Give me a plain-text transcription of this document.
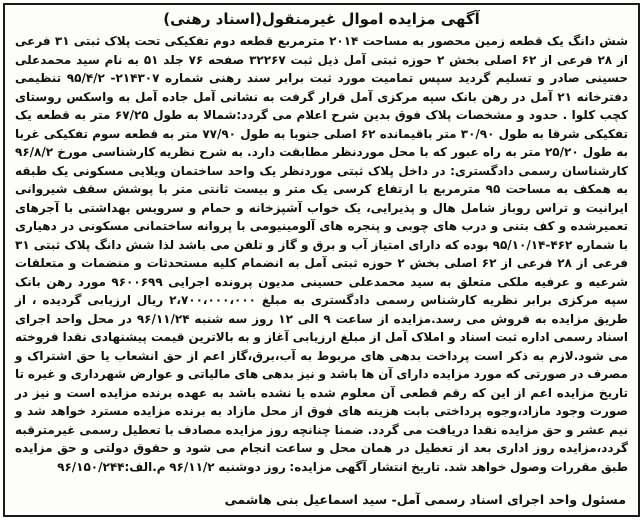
آگهی مزایده اموال غیرمنقول(اسناد رهنی)
شش دانگ یک قطعه زمین محصور به مساحت ۲۰۱۴ مترمربع قطعه دوم تفکیکی تحت پلاک ثبتی ۳۱ فرعی از ۲۸ فرعی از ۶۲ اصلی بخش ۲ حوزه ثبتی آمل ذیل ثبت ۳۲۲۶۷ صفحه ۷۶ جلد ۵۱ به نام سید محمدعلی حسینی صادر و تسلیم گردید سپس تمامیت مورد ثبت برابر سند رهنی شماره ۲۱۴۳۰۷- ۹۵/۴/۲ تنظیمی دفترخانه ۲۱ آمل در رهن بانک سپه مرکزی آمل قرار گرفت به نشانی آمل جاده آمل به واسکس روستای کچب کلوا . حدود و مشخصات پلاک فوق بدین شرح اعلام می گردد:شمالا به طول ۶۷/۲۵ متر به قطعه یک تفکیکی شرقا به طول ۳۰/۹۰ متر باقیمانده ۶۲ اصلی جنوبا به طول ۷۷/۹۰ متر به قطعه سوم تفکیکی غربا به طول ۲۵/۲۰ متر به راه عبور که با محل موردنظر مطابقت دارد. به شرح نظریه کارشناسی مورخ ۹۶/۸/۲ کارشناسان رسمی دادگستری: در داخل پلاک ثبتی موردنظر یک واحد ساختمان ویلایی مسکونی یک طبقه به همکف به مساحت ۹۵ مترمربع با ارتفاع کرسی یک متر و بیست ثانتی متر با پوشش سقف شیروانی ایرانیت و تراس روباز شامل هال و پذیرایی، یک خواب آشپزخانه و حمام و سرویس بهداشتی با آجرهای تعمیرشده و کف بتنی و درب های چوبی و پنجره های آلومینیومی با پروانه ساختمانی مسکونی در دهیاری با شماره ۴۶۲-۹۵/۱۰/۱۴ بوده که دارای امتیاز آب و برق و گاز و تلفن می باشد لذا شش دانگ پلاک ثبتی ۳۱ فرعی از ۲۸ فرعی از ۶۲ اصلی بخش ۲ حوزه ثبتی آمل به انضمام کلیه مستحدثات و منضمات و متعلقات شرعیه و عرفیه ملکی متعلق به سید محمدعلی حسینی مدیون پرونده اجرایی ۹۶۰۰۶۹۹ مورد رهن بانک سپه مرکزی برابر نظریه کارشناس رسمی دادگستری به مبلغ ۲،۷۰۰،۰۰۰،۰۰۰ ریال ارزیابی گردیده ، از طریق مزایده به فروش می رسد.مزایده از ساعت ۹ الی ۱۲ روز سه شنبه ۹۶/۱۱/۲۴ در محل واحد اجرای اسناد رسمی اداره ثبت اسناد و املاک آمل از مبلغ ارزیابی آغاز و به بالاترین قیمت پیشنهادی نقدا فروخته می شود.لازم به ذکر است پرداخت بدهی های مربوط به آب،برق،گاز اعم از حق انشعاب یا حق اشتراک و مصرف در صورتی که مورد مزایده دارای آن ها باشد و نیز بدهی های مالیاتی و عوارض شهرداری و غیره تا تاریخ مزایده اعم از این که رقم قطعی آن معلوم شده یا نشده باشد به عهده برنده مزایده است و نیز در صورت وجود مازاد،وجوه پرداختی بابت هزینه های فوق از محل مازاد به برنده مزایده مسترد خواهد شد و نیم عشر و حق مزایده نقدا دریافت می گردد. ضمنا چنانچه روز مزایده مصادف با تعطیل رسمی غیرمترقبه گردد،مزایده روز اداری بعد از تعطیل در همان محل و ساعت انجام می شود و حقوق دولتی و حق مزایده طبق مقررات وصول خواهد شد. تاریخ انتشار آگهی مزایده: روز دوشنبه ۹۶/۱۱/۲ م.الف:۹۶/۱۵۰/۲۴۴
مسئول واحد اجرای اسناد رسمی آمل- سید اسماعیل بنی هاشمی
